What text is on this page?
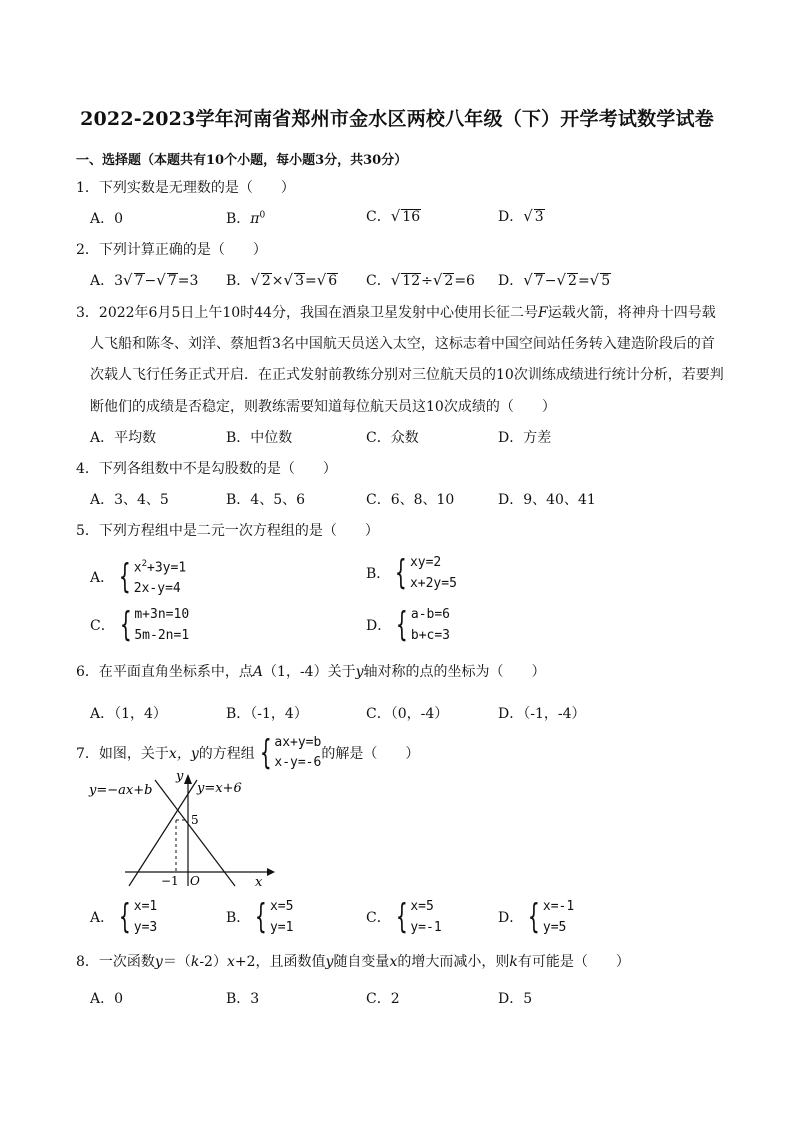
2022-2023学年河南省郑州市金水区两校八年级（下）开学考试数学试卷
一、选择题（本题共有10个小题，每小题3分，共30分）
1．下列实数是无理数的是（　　）
A．0	B．$\pi^0$	C．√ 16	D．√ 3
2．下列计算正确的是（　　）
A．3√ 7−√ 7=3 B．√ 2×√ 3=√ 6 C．√ 12÷√ 2=6 D．√ 7−√ 2=√ 5
3．2022年6月5日上午10时44分，我国在酒泉卫星发射中心使用长征二号F运载火箭，将神舟十四号载
人飞船和陈冬、刘洋、蔡旭哲3名中国航天员送入太空，这标志着中国空间站任务转入建造阶段后的首
次载人飞行任务正式开启．在正式发射前教练分别对三位航天员的10次训练成绩进行统计分析，若要判
断他们的成绩是否稳定，则教练需要知道每位航天员这10次成绩的（　　）
A．平均数	B．中位数	C．众数	D．方差
4．下列各组数中不是勾股数的是（　　）
A．3、4、5	B．4、5、6	C．6、8、10	D．9、40、41
5．下列方程组中是二元一次方程组的是（　　）
A． { $x^2+3y=1$
2x-y=4
B． { xy=2
x+2y=5
C． { m+3n=10
5m-2n=1
D． { a-b=6
b+c=3
6．在平面直角坐标系中，点A（1，-4）关于y轴对称的点的坐标为（　　）
A．（1，4）	B．（-1，4）	C．（0，-4）	D．（-1，-4）
7． 如图，关于 x，y 的方程组 { ax+y=b
x-y=-6
的解是（　　）
y=−ax+b	y=x+6
y
x
5
−1 O
A． { x=1
y=3
B． { x=5
y=1
C． { x=5
y=-1
D． { x=-1
y=5
8．一次函数y＝（k-2）x+2，且函数值y随自变量x的增大而减小，则k有可能是（　　）
A．0	B．3	C．2	D．5
